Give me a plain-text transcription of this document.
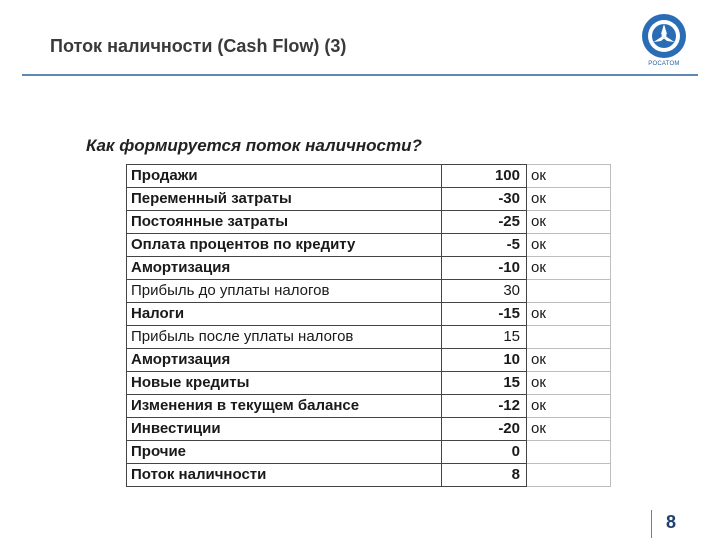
Поток наличности (Cash Flow) (3)
РОСАТОМ
Как формируется поток наличности?
Продажи	100	ок
Переменный затраты	-30	ок
Постоянные затраты	-25	ок
Оплата процентов по кредиту	-5	ок
Амортизация	-10	ок
Прибыль до уплаты налогов	30	
Налоги	-15	ок
Прибыль после уплаты налогов	15	
Амортизация	10	ок
Новые кредиты	15	ок
Изменения в текущем балансе	-12	ок
Инвестиции	-20	ок
Прочие	0	
Поток наличности	8	
8
